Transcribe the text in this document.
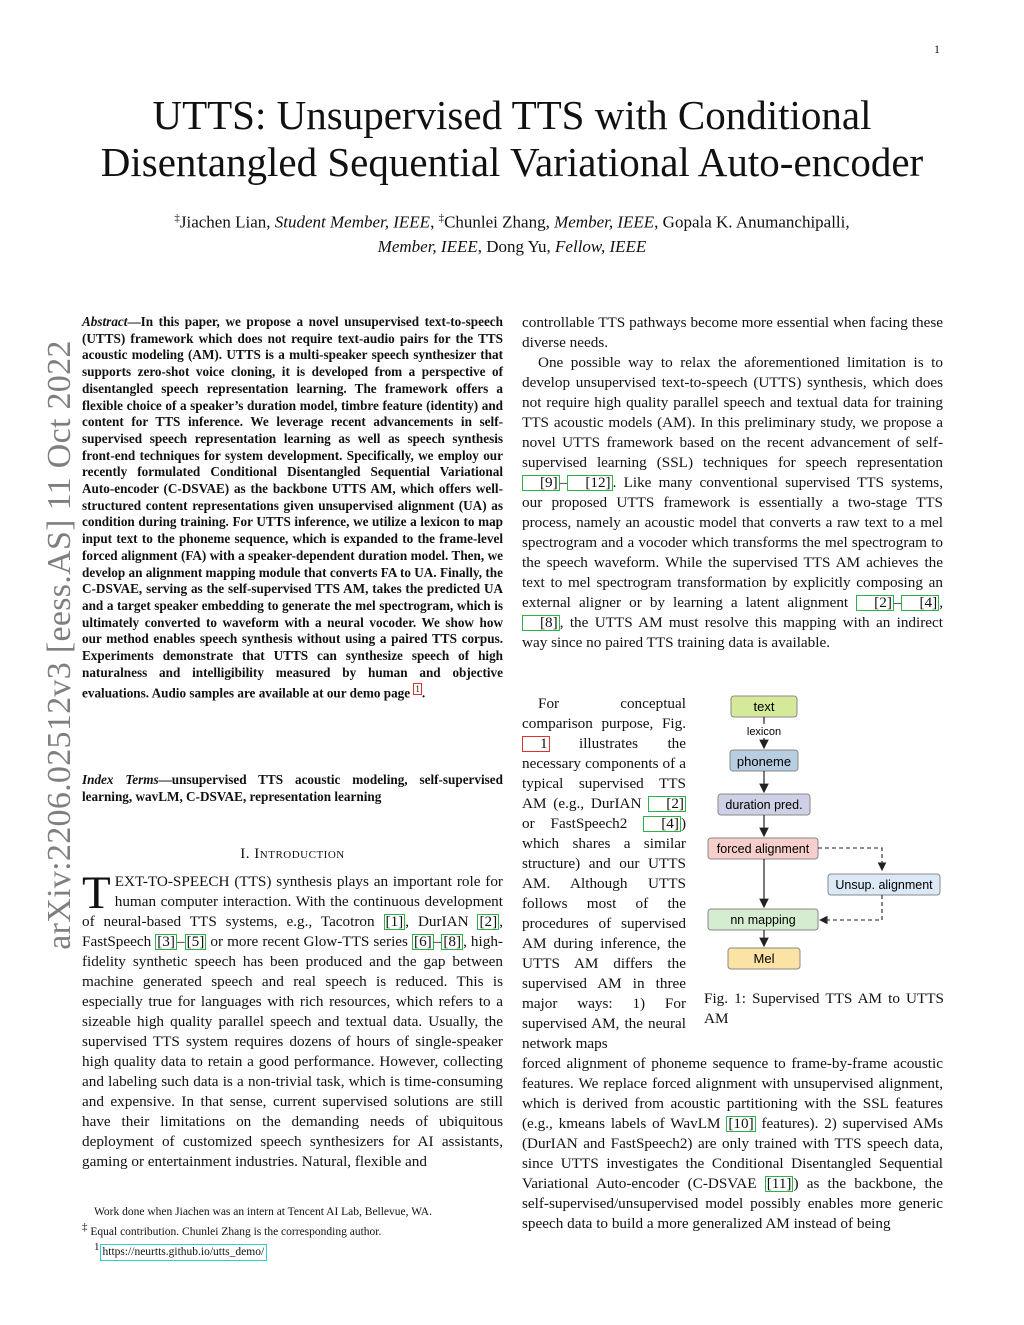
1
arXiv:2206.02512v3 [eess.AS] 11 Oct 2022
UTTS: Unsupervised TTS with Conditional
Disentangled Sequential Variational Auto-encoder
‡Jiachen Lian, Student Member, IEEE, ‡Chunlei Zhang, Member, IEEE, Gopala K. Anumanchipalli,
Member, IEEE, Dong Yu, Fellow, IEEE
Abstract—In this paper, we propose a novel unsupervised text-to-speech (UTTS) framework which does not require text-audio pairs for the TTS acoustic modeling (AM). UTTS is a multi-speaker speech synthesizer that supports zero-shot voice cloning, it is developed from a perspective of disentangled speech representation learning. The framework offers a flexible choice of a speaker’s duration model, timbre feature (identity) and content for TTS inference. We leverage recent advancements in self-supervised speech representation learning as well as speech synthesis front-end techniques for system development. Specifically, we employ our recently formulated Conditional Disentangled Sequential Variational Auto-encoder (C-DSVAE) as the backbone UTTS AM, which offers well-structured content representations given unsupervised alignment (UA) as condition during training. For UTTS inference, we utilize a lexicon to map input text to the phoneme sequence, which is expanded to the frame-level forced alignment (FA) with a speaker-dependent duration model. Then, we develop an alignment mapping module that converts FA to UA. Finally, the C-DSVAE, serving as the self-supervised TTS AM, takes the predicted UA and a target speaker embedding to generate the mel spectrogram, which is ultimately converted to waveform with a neural vocoder. We show how our method enables speech synthesis without using a paired TTS corpus. Experiments demonstrate that UTTS can synthesize speech of high naturalness and intelligibility measured by human and objective evaluations. Audio samples are available at our demo page $^1$ .
Index Terms—unsupervised TTS acoustic modeling, self-supervised learning, wavLM, C-DSVAE, representation learning
I. Introduction
TEXT-TO-SPEECH (TTS) synthesis plays an important role for human computer interaction. With the continuous development of neural-based TTS systems, e.g., Tacotron [1] , DurIAN [2] , FastSpeech [3] – [5] or more recent Glow-TTS series [6] – [8] , high-fidelity synthetic speech has been produced and the gap between machine generated speech and real speech is reduced. This is especially true for languages with rich resources, which refers to a sizeable high quality parallel speech and textual data. Usually, the supervised TTS system requires dozens of hours of single-speaker high quality data to retain a good performance. However, collecting and labeling such data is a non-trivial task, which is time-consuming and expensive. In that sense, current supervised solutions are still have their limitations on the demanding needs of ubiquitous deployment of customized speech synthesizers for AI assistants, gaming or entertainment industries. Natural, flexible and

controllable TTS pathways become more essential when facing these diverse needs.

One possible way to relax the aforementioned limitation is to develop unsupervised text-to-speech (UTTS) synthesis, which does not require high quality parallel speech and textual data for training TTS acoustic models (AM). In this preliminary study, we propose a novel UTTS framework based on the recent advancement of self-supervised learning (SSL) techniques for speech representation [9] – [12] . Like many conventional supervised TTS systems, our proposed UTTS framework is essentially a two-stage TTS process, namely an acoustic model that converts a raw text to a mel spectrogram and a vocoder which transforms the mel spectrogram to the speech waveform. While the supervised TTS AM achieves the text to mel spectrogram transformation by explicitly composing an external aligner or by learning a latent alignment [2] – [4] , [8] , the UTTS AM must resolve this mapping with an indirect way since no paired TTS training data is available.

For conceptual comparison purpose, Fig.1 illustrates the necessary components of a typical supervised TTS AM (e.g., DurIAN [2] or FastSpeech2 [4] ) which shares a similar structure) and our UTTS AM. Although UTTS follows most of the procedures of supervised AM during inference, the UTTS AM differs the supervised AM in three major ways: 1) For supervised AM, the neural network maps
forced alignment of phoneme sequence to frame-by-frame acoustic features. We replace forced alignment with unsupervised alignment, which is derived from acoustic partitioning with the SSL features (e.g., kmeans labels of WavLM [10] features). 2) supervised AMs (DurIAN and FastSpeech2) are only trained with TTS speech data, since UTTS investigates the Conditional Disentangled Sequential Variational Auto-encoder (C-DSVAE [11] ) as the backbone, the self-supervised/unsupervised model possibly enables more generic speech data to build a more generalized AM instead of being
text
lexicon
phoneme
duration pred.
forced alignment
Unsup. alignment
nn mapping
Mel
Fig. 1: Supervised TTS AM to UTTS AM
Work done when Jiachen was an intern at Tencent AI Lab, Bellevue, WA.
‡ Equal contribution. Chunlei Zhang is the corresponding author.
$^1$ https://neurtts.github.io/utts_demo/
